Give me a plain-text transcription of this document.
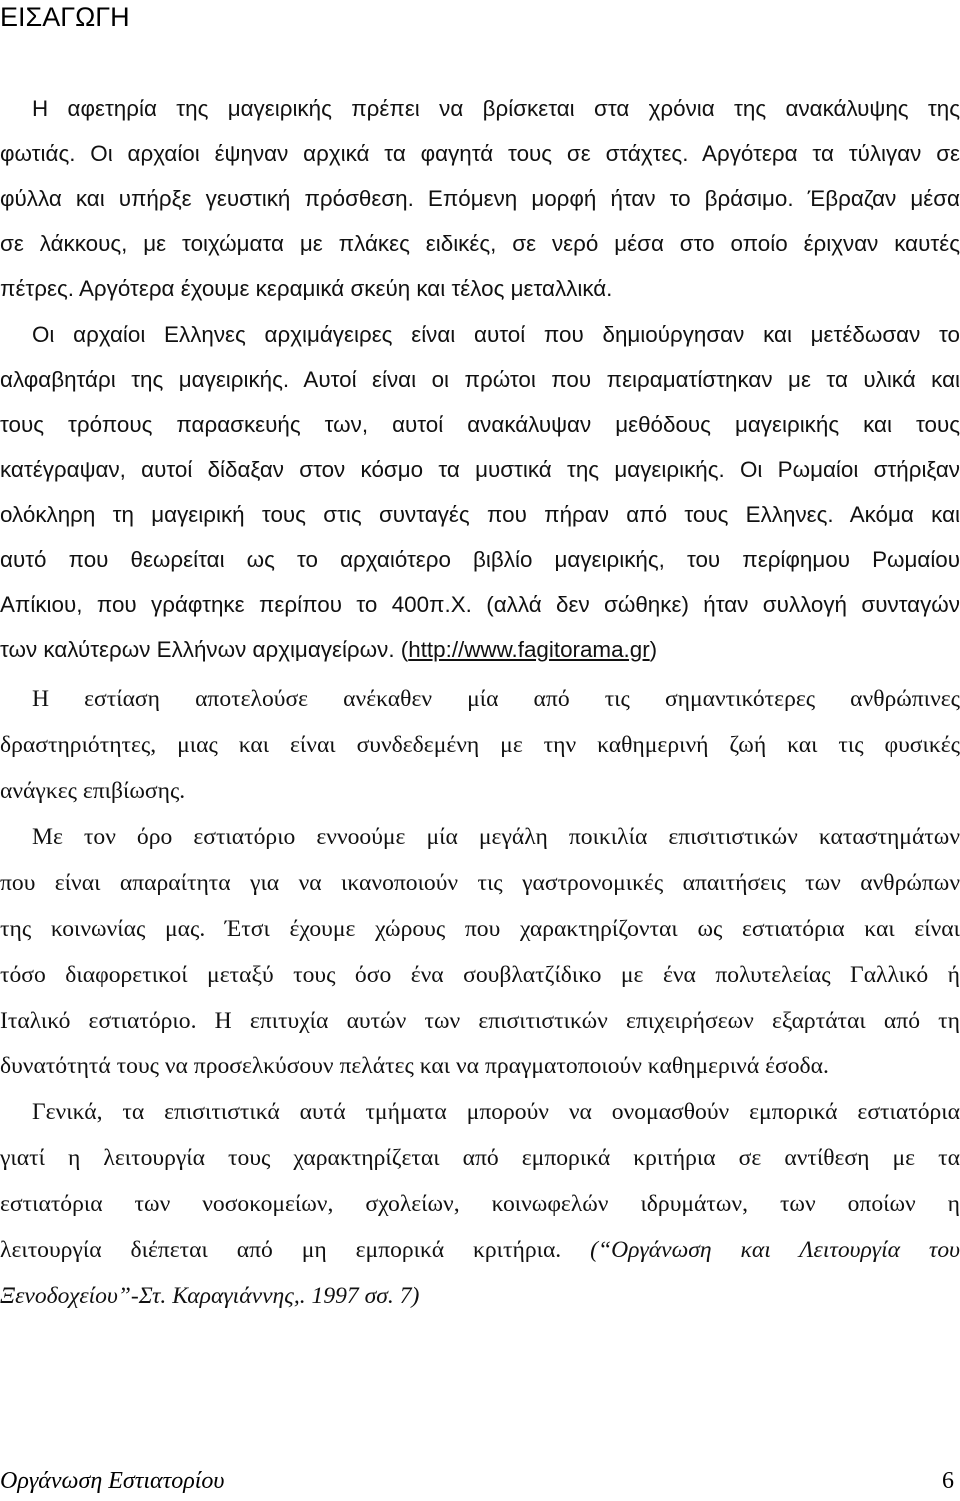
ΕΙΣΑΓΩΓΗ
Η αφετηρία της μαγειρικής πρέπει να βρίσκεται στα χρόνια της ανακάλυψης της
φωτιάς. Οι αρχαίοι έψηναν αρχικά τα φαγητά τους σε στάχτες. Αργότερα τα τύλιγαν σε
φύλλα και υπήρξε γευστική πρόσθεση. Επόμενη μορφή ήταν το βράσιμο. Έβραζαν μέσα
σε λάκκους, με τοιχώματα με πλάκες ειδικές, σε νερό μέσα στο οποίο έριχναν καυτές
πέτρες. Αργότερα έχουμε κεραμικά σκεύη και τέλος μεταλλικά.
Οι αρχαίοι Ελληνες αρχιμάγειρες είναι αυτοί που δημιούργησαν και μετέδωσαν το
αλφαβητάρι της μαγειρικής. Αυτοί είναι οι πρώτοι που πειραματίστηκαν με τα υλικά και
τους τρόπους παρασκευής των, αυτοί ανακάλυψαν μεθόδους μαγειρικής και τους
κατέγραψαν, αυτοί δίδαξαν στον κόσμο τα μυστικά της μαγειρικής. Οι Ρωμαίοι στήριξαν
ολόκληρη τη μαγειρική τους στις συνταγές που πήραν από τους Ελληνες. Ακόμα και
αυτό που θεωρείται ως το αρχαιότερο βιβλίο μαγειρικής, του περίφημου Ρωμαίου
Απίκιου, που γράφτηκε περίπου το 400π.Χ. (αλλά δεν σώθηκε) ήταν συλλογή συνταγών
των καλύτερων Ελλήνων αρχιμαγείρων. (http://www.fagitorama.gr)
Η εστίαση αποτελούσε ανέκαθεν μία από τις σημαντικότερες ανθρώπινες
δραστηριότητες, μιας και είναι συνδεδεμένη με την καθημερινή ζωή και τις φυσικές
ανάγκες επιβίωσης.
Με τον όρο εστιατόριο εννοούμε μία μεγάλη ποικιλία επισιτιστικών καταστημάτων
που είναι απαραίτητα για να ικανοποιούν τις γαστρονομικές απαιτήσεις των ανθρώπων
της κοινωνίας μας. Έτσι έχουμε χώρους που χαρακτηρίζονται ως εστιατόρια και είναι
τόσο διαφορετικοί μεταξύ τους όσο ένα σουβλατζίδικο με ένα πολυτελείας Γαλλικό ή
Ιταλικό εστιατόριο. Η επιτυχία αυτών των επισιτιστικών επιχειρήσεων εξαρτάται από τη
δυνατότητά τους να προσελκύσουν πελάτες και να πραγματοποιούν καθημερινά έσοδα.
Γενικά, τα επισιτιστικά αυτά τμήματα μπορούν να ονομασθούν εμπορικά εστιατόρια
γιατί η λειτουργία τους χαρακτηρίζεται από εμπορικά κριτήρια σε αντίθεση με τα
εστιατόρια των νοσοκομείων, σχολείων, κοινωφελών ιδρυμάτων, των οποίων η
λειτουργία διέπεται από μη εμπορικά κριτήρια. (“Οργάνωση και Λειτουργία του
Ξενοδοχείου”-Στ. Καραγιάννης,. 1997 σσ. 7)
Οργάνωση Εστιατορίου	6
